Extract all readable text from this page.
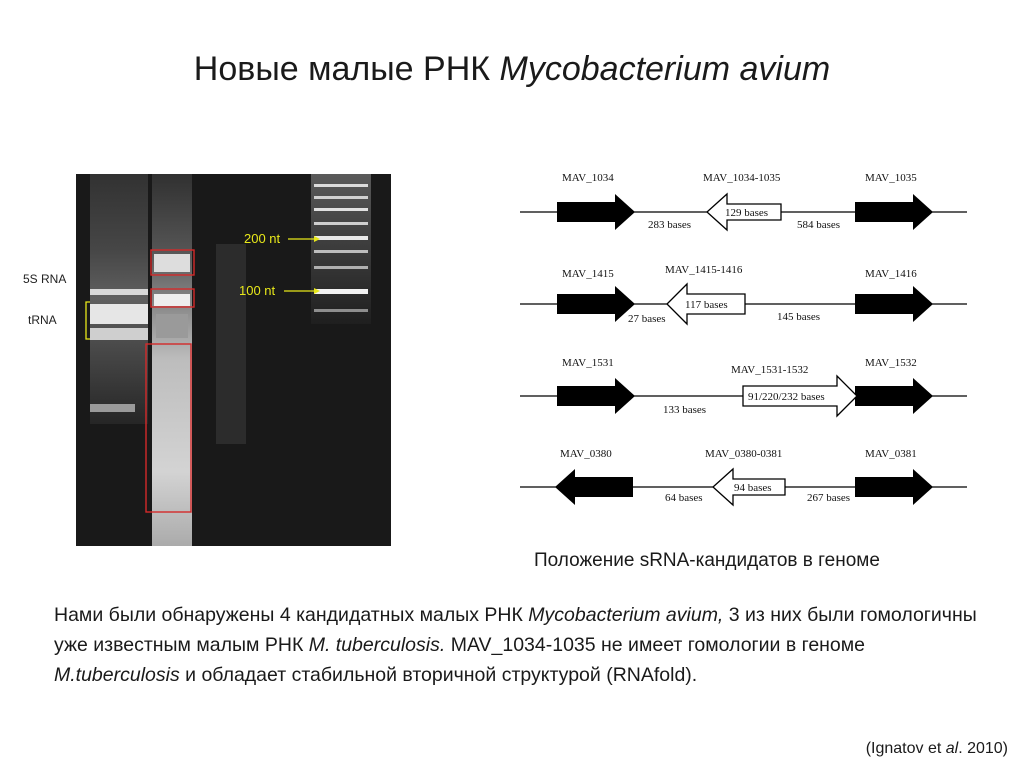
Новые малые РНК Mycobacterium avium
5S RNA
tRNA
200 nt
100 nt
MAV_1034	MAV_1034-1035	MAV_1035
129 bases
283 bases	584 bases
MAV_1415	MAV_1415-1416	MAV_1416
117 bases
27 bases	145 bases
MAV_1531
MAV_1531-1532
MAV_1532
91/220/232 bases
133 bases
MAV_0380	MAV_0380-0381	MAV_0381
94 bases
64 bases	267 bases
Положение sRNA-кандидатов в геноме
Нами были обнаружены 4 кандидатных малых РНК Mycobacterium avium, 3 из них были гомологичны уже известным малым РНК M. tuberculosis. MAV_1034-1035 не имеет гомологии в геноме M.tuberculosis и обладает стабильной вторичной структурой (RNAfold).
(Ignatov et al. 2010)
